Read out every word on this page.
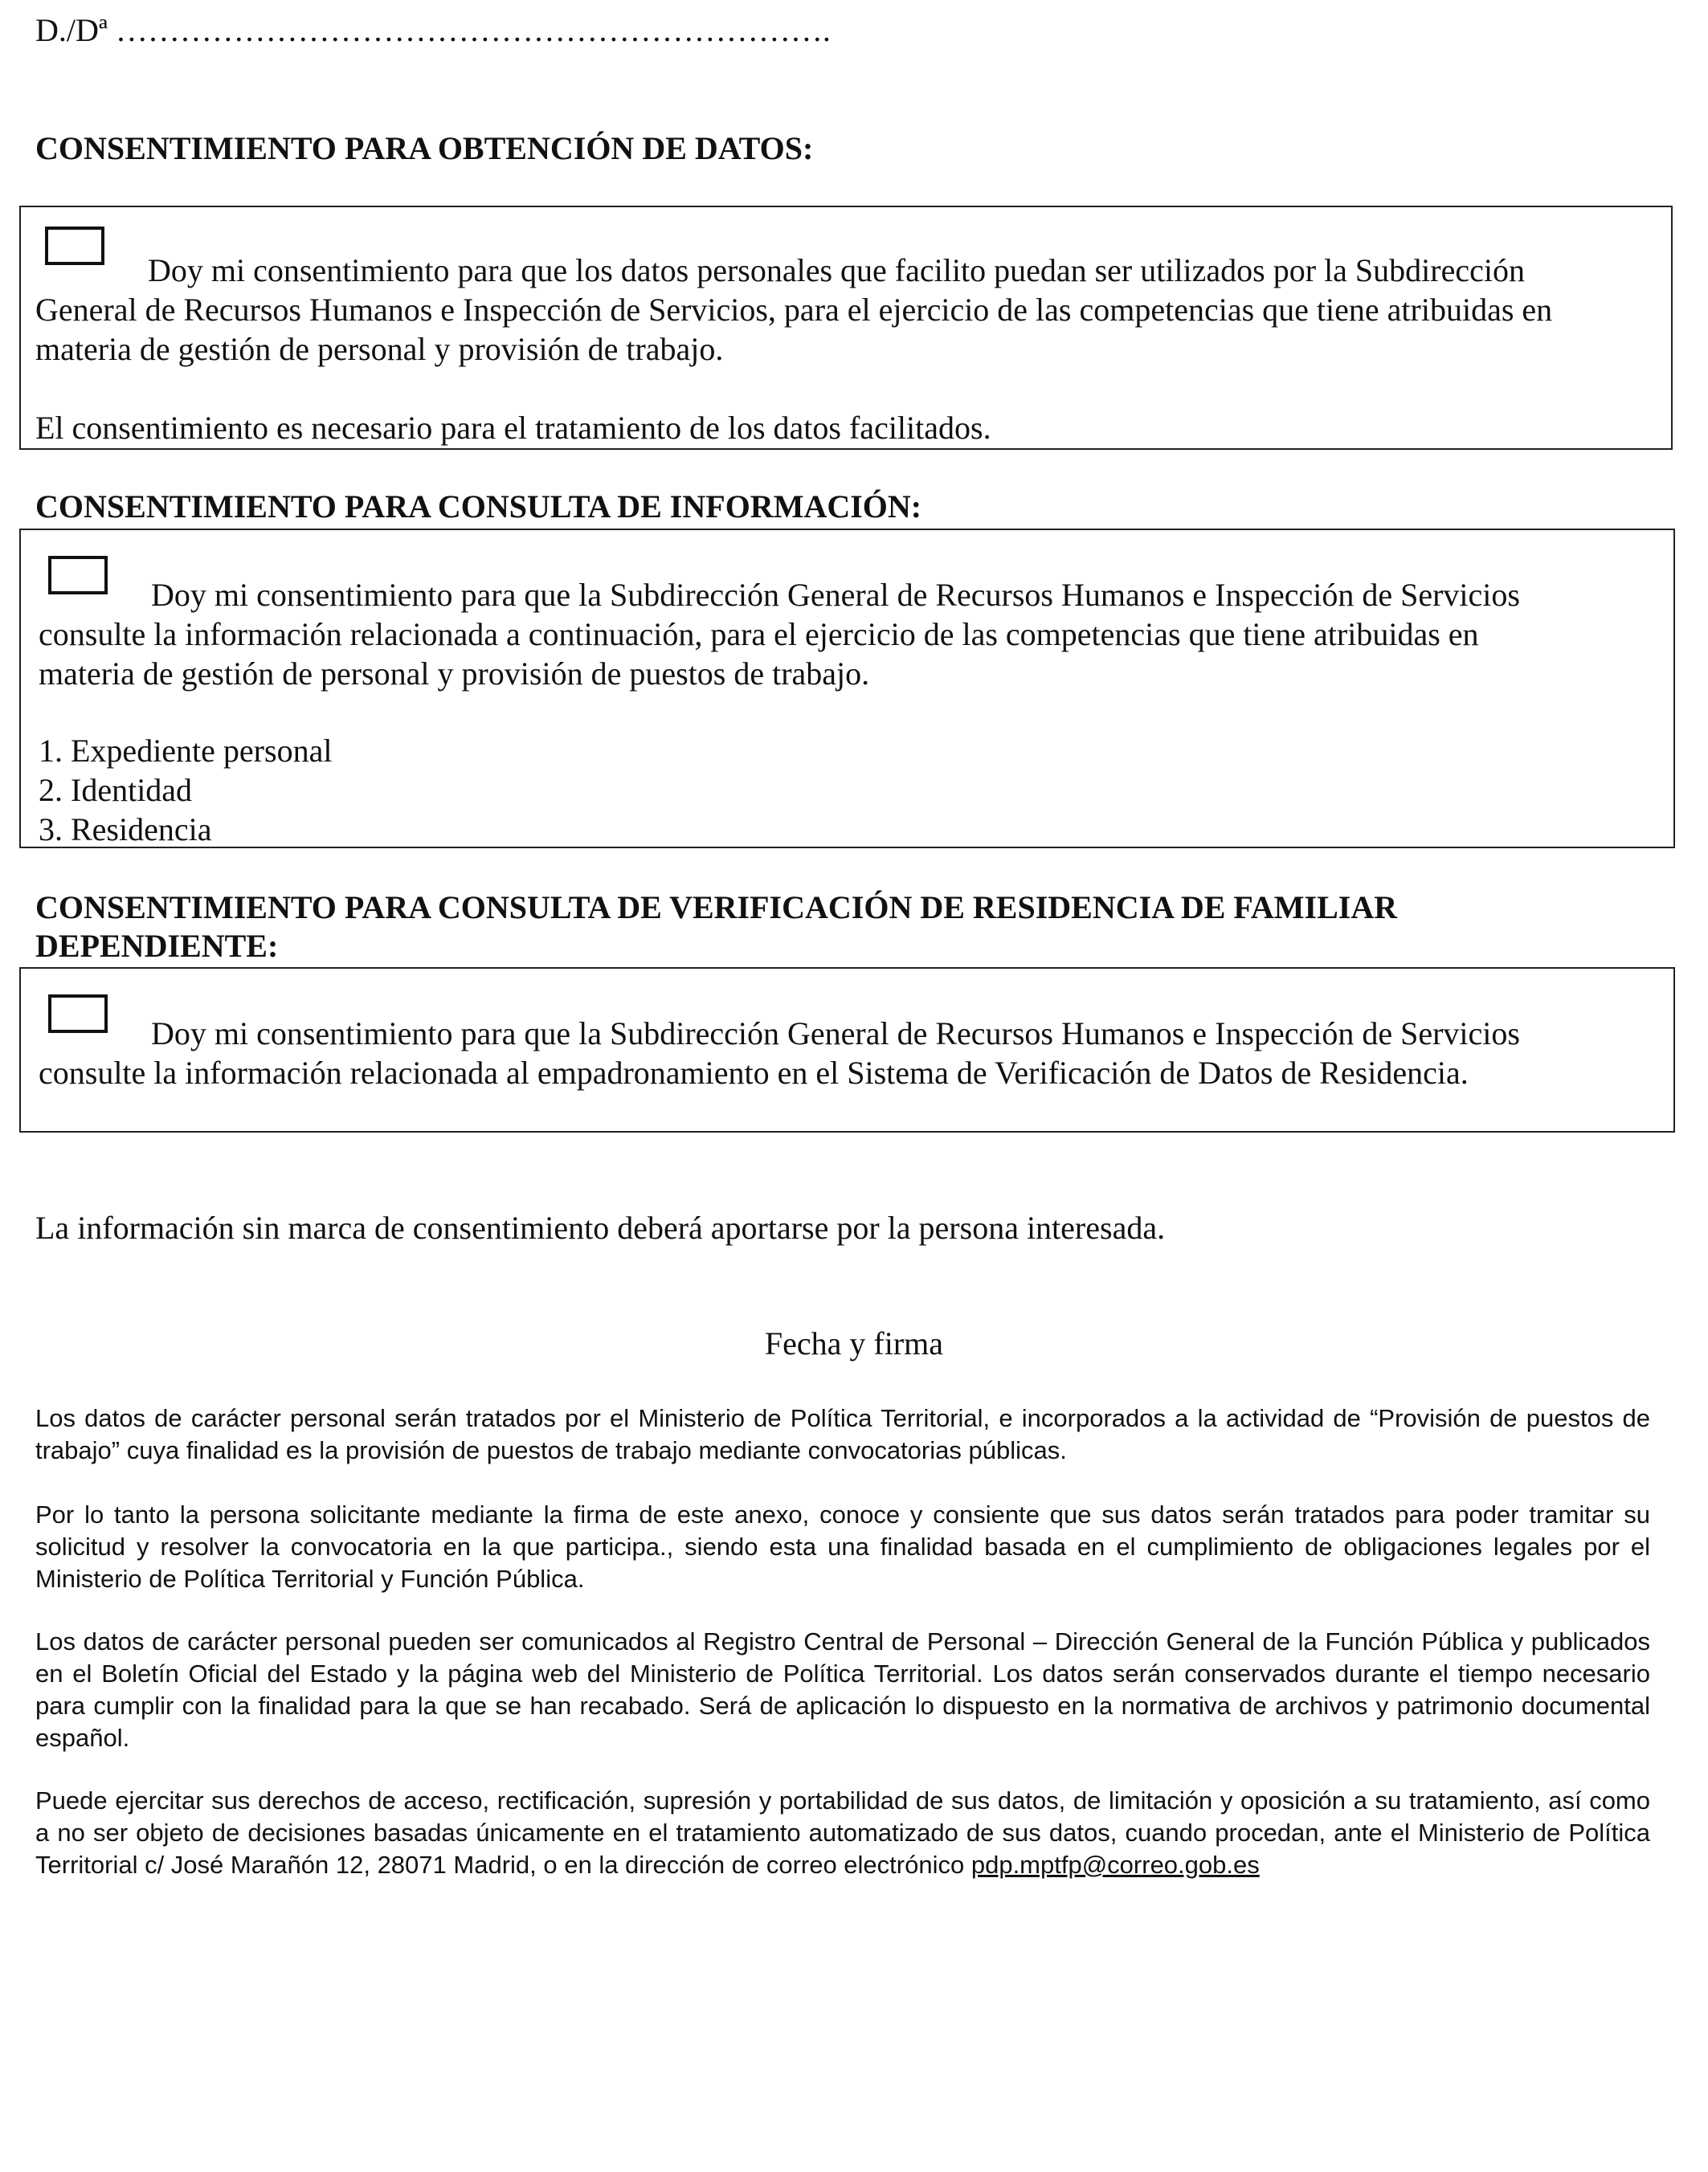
D./Dª ………………………………………………………….
CONSENTIMIENTO PARA OBTENCIÓN DE DATOS:
Doy mi consentimiento para que los datos personales que facilito puedan ser utilizados por la Subdirección
General de Recursos Humanos e Inspección de Servicios, para el ejercicio de las competencias que tiene atribuidas en
materia de gestión de personal y provisión de trabajo.
El consentimiento es necesario para el tratamiento de los datos facilitados.
CONSENTIMIENTO PARA CONSULTA DE INFORMACIÓN:
Doy mi consentimiento para que la Subdirección General de Recursos Humanos e Inspección de Servicios
consulte la información relacionada a continuación, para el ejercicio de las competencias que tiene atribuidas en
materia de gestión de personal y provisión de puestos de trabajo.
1. Expediente personal
2. Identidad
3. Residencia
CONSENTIMIENTO PARA CONSULTA DE VERIFICACIÓN DE RESIDENCIA DE FAMILIAR
DEPENDIENTE:
Doy mi consentimiento para que la Subdirección General de Recursos Humanos e Inspección de Servicios
consulte la información relacionada al empadronamiento en el Sistema de Verificación de Datos de Residencia.
La información sin marca de consentimiento deberá aportarse por la persona interesada.
Fecha y firma
Los datos de carácter personal serán tratados por el Ministerio de Política Territorial, e incorporados a la actividad de “Provisión de puestos de trabajo” cuya finalidad es la provisión de puestos de trabajo mediante convocatorias públicas.
Por lo tanto la persona solicitante mediante la firma de este anexo, conoce y consiente que sus datos serán tratados para poder tramitar su solicitud y resolver la convocatoria en la que participa., siendo esta una finalidad basada en el cumplimiento de obligaciones legales por el Ministerio de Política Territorial y Función Pública.
Los datos de carácter personal pueden ser comunicados al Registro Central de Personal – Dirección General de la Función Pública y publicados en el Boletín Oficial del Estado y la página web del Ministerio de Política Territorial. Los datos serán conservados durante el tiempo necesario para cumplir con la finalidad para la que se han recabado. Será de aplicación lo dispuesto en la normativa de archivos y patrimonio documental español.
Puede ejercitar sus derechos de acceso, rectificación, supresión y portabilidad de sus datos, de limitación y oposición a su tratamiento, así como a no ser objeto de decisiones basadas únicamente en el tratamiento automatizado de sus datos, cuando procedan, ante el Ministerio de Política Territorial c/ José Marañón 12, 28071 Madrid, o en la dirección de correo electrónico pdp.mptfp@correo.gob.es
